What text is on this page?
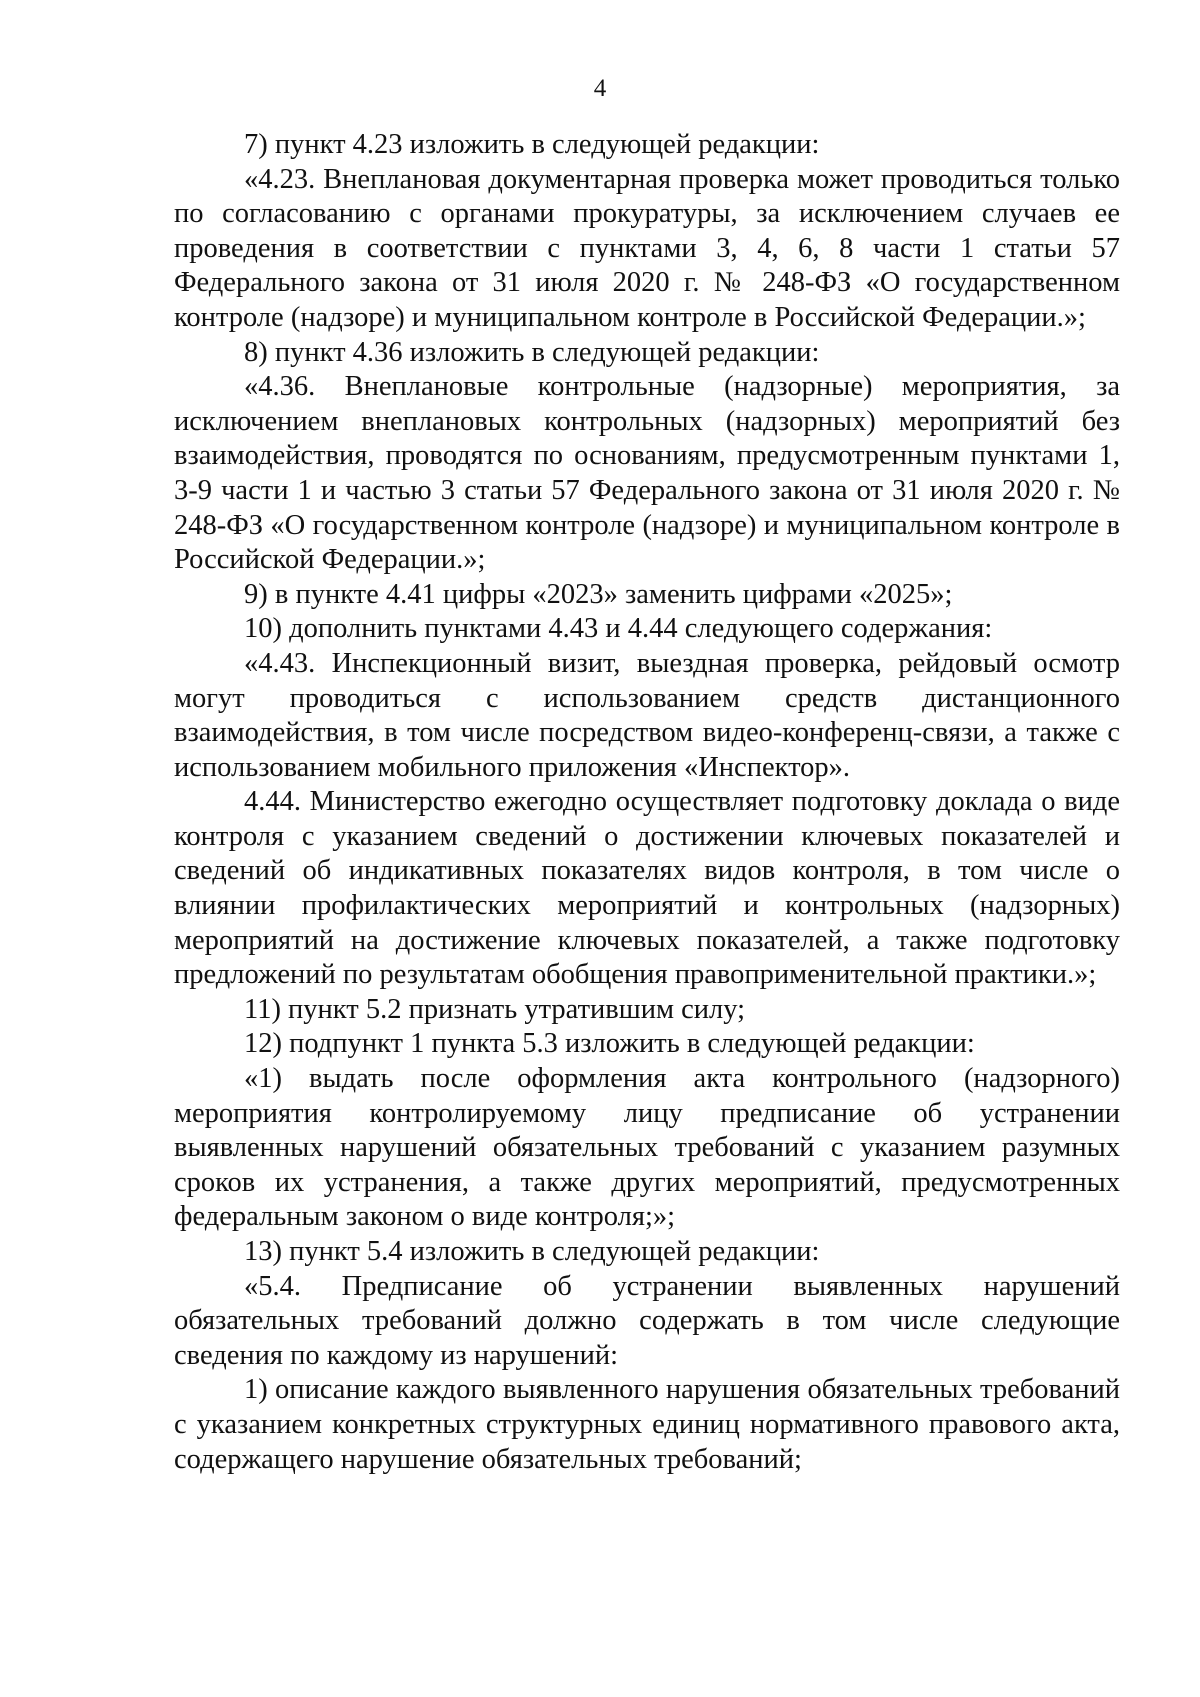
4

7) пункт 4.23 изложить в следующей редакции:

«4.23. Внеплановая документарная проверка может проводиться только по согласованию с органами прокуратуры, за исключением случаев ее проведения в соответствии с пунктами 3, 4, 6, 8 части 1 статьи 57 Федерального закона от 31 июля 2020 г. № 248-ФЗ «О государственном контроле (надзоре) и муниципальном контроле в Российской Федерации.»;

8) пункт 4.36 изложить в следующей редакции:

«4.36. Внеплановые контрольные (надзорные) мероприятия, за исключением внеплановых контрольных (надзорных) мероприятий без взаимодействия, проводятся по основаниям, предусмотренным пунктами 1, 3-9 части 1 и частью 3 статьи 57 Федерального закона от 31 июля 2020 г. № 248-ФЗ «О государственном контроле (надзоре) и муниципальном контроле в Российской Федерации.»;

9) в пункте 4.41 цифры «2023» заменить цифрами «2025»;

10) дополнить пунктами 4.43 и 4.44 следующего содержания:

«4.43. Инспекционный визит, выездная проверка, рейдовый осмотр могут проводиться с использованием средств дистанционного взаимодействия, в том числе посредством видео-конференц-связи, а также с использованием мобильного приложения «Инспектор».

4.44. Министерство ежегодно осуществляет подготовку доклада о виде контроля с указанием сведений о достижении ключевых показателей и сведений об индикативных показателях видов контроля, в том числе о влиянии профилактических мероприятий и контрольных (надзорных) мероприятий на достижение ключевых показателей, а также подготовку предложений по результатам обобщения правоприменительной практики.»;

11) пункт 5.2 признать утратившим силу;

12) подпункт 1 пункта 5.3 изложить в следующей редакции:

«1) выдать после оформления акта контрольного (надзорного) мероприятия контролируемому лицу предписание об устранении выявленных нарушений обязательных требований с указанием разумных сроков их устранения, а также других мероприятий, предусмотренных федеральным законом о виде контроля;»;

13) пункт 5.4 изложить в следующей редакции:

«5.4. Предписание об устранении выявленных нарушений обязательных требований должно содержать в том числе следующие сведения по каждому из нарушений:

1) описание каждого выявленного нарушения обязательных требований с указанием конкретных структурных единиц нормативного правового акта, содержащего нарушение обязательных требований;
